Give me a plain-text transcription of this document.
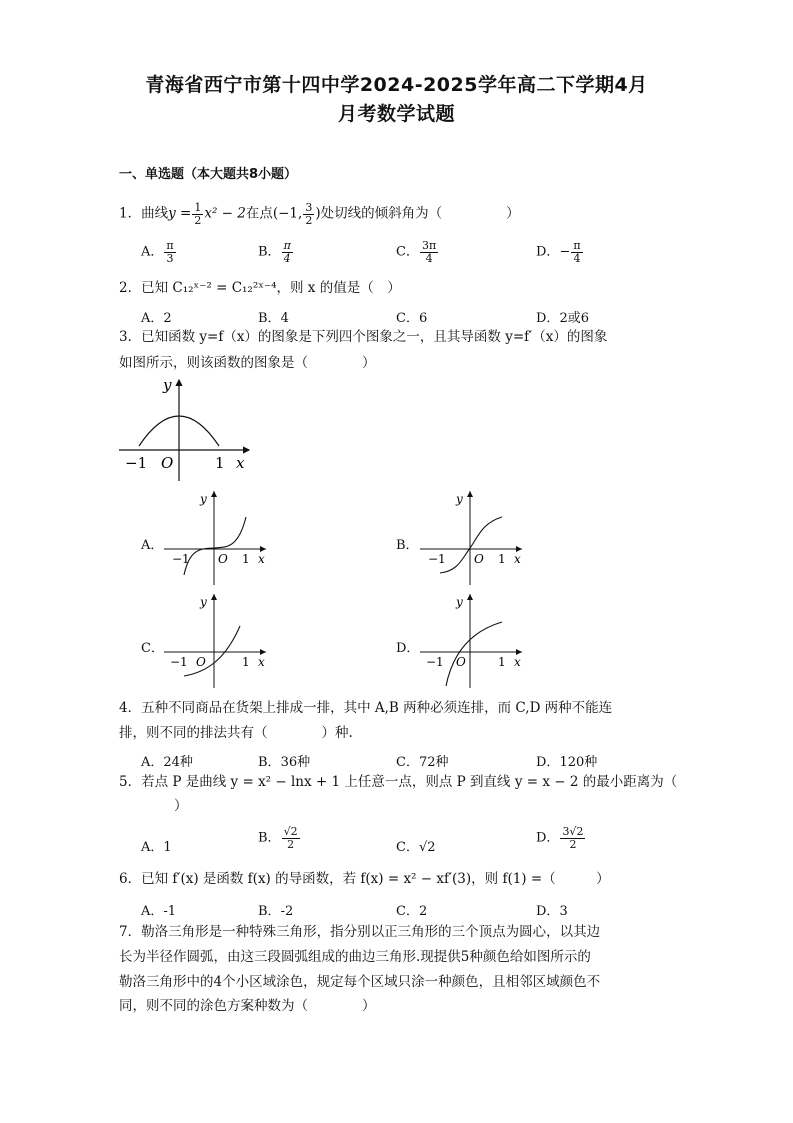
青海省西宁市第十四中学2024-2025学年高二下学期4月
月考数学试题
一、单选题（本大题共8小题）
1．曲线$y = \frac{1}{2} x^2 - 2$在点(−1, $\frac{3}{2}$ )处切线的倾斜角为（	）
A． $\frac{\pi}{3}$	B． $\frac{\pi}{4}$	C． $\frac{3\pi}{4}$	D．− $\frac{\pi}{4}$
2．已知 C₁₂ˣ⁻² = C₁₂²ˣ⁻⁴，则 x 的值是（　）
A．2	B．4	C．6	D．2或6
3．已知函数 y=f（x）的图象是下列四个图象之一，且其导函数 y=f′（x）的图象
如图所示，则该函数的图象是（　　　　）
y
x
O
−1	1
A．
y
x
O
−1	1
B．
y
x
O
−1	1
C．
y
x
O
−1	1
D．
y
x
O
−1	1
4．五种不同商品在货架上排成一排，其中 A,B 两种必须连排，而 C,D 两种不能连
排，则不同的排法共有（　　　　）种.
A．24种	B．36种	C．72种	D．120种
5．若点 P 是曲线 y = x² − lnx + 1 上任意一点，则点 P 到直线 y = x − 2 的最小距离为（
）
A．1
B． $\frac{√2}{2}$	C．√2
D． $\frac{3√2}{2}$
6．已知 f′(x) 是函数 f(x) 的导函数，若 f(x) = x² − xf′(3)，则 f(1) =（　　　）
A．-1	B．-2	C．2	D．3
7．勒洛三角形是一种特殊三角形，指分别以正三角形的三个顶点为圆心，以其边
长为半径作圆弧，由这三段圆弧组成的曲边三角形.现提供5种颜色给如图所示的
勒洛三角形中的4个小区域涂色，规定每个区域只涂一种颜色，且相邻区域颜色不
同，则不同的涂色方案种数为（　　　　）
